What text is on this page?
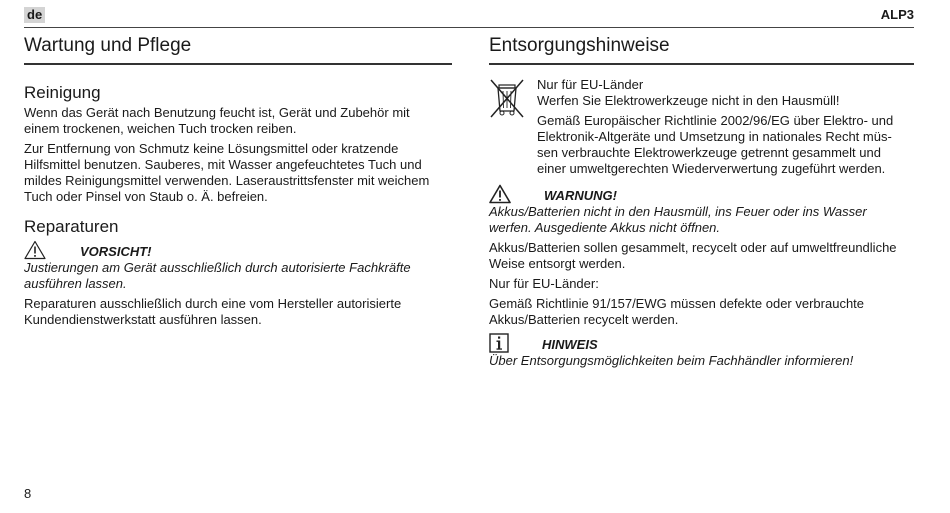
de	ALP3
Wartung und Pflege
Reinigung

Wenn das Gerät nach Benutzung feucht ist, Gerät und Zubehör mit
einem trockenen, weichen Tuch trocken reiben.

Zur Entfernung von Schmutz keine Lösungsmittel oder kratzende
Hilfsmittel benutzen. Sauberes, mit Wasser angefeuchtetes Tuch und
mildes Reinigungsmittel verwenden. Laseraustrittsfenster mit weichem
Tuch oder Pinsel von Staub o. Ä. befreien.

Reparaturen
VORSICHT!

Justierungen am Gerät ausschließlich durch autorisierte Fachkräfte
ausführen lassen.

Reparaturen ausschließlich durch eine vom Hersteller autorisierte
Kundendienstwerkstatt ausführen lassen.

Entsorgungshinweise

Nur für EU-Länder
Werfen Sie Elektrowerkzeuge nicht in den Hausmüll!

Gemäß Europäischer Richtlinie 2002/96/EG über Elektro- und
Elektronik-Altgeräte und Umsetzung in nationales Recht müs-
sen verbrauchte Elektrowerkzeuge getrennt gesammelt und
einer umweltgerechten Wiederverwertung zugeführt werden.

WARNUNG!

Akkus/Batterien nicht in den Hausmüll, ins Feuer oder ins Wasser
werfen. Ausgediente Akkus nicht öffnen.

Akkus/Batterien sollen gesammelt, recycelt oder auf umweltfreundliche
Weise entsorgt werden.

Nur für EU-Länder:

Gemäß Richtlinie 91/157/EWG müssen defekte oder verbrauchte
Akkus/Batterien recycelt werden.

HINWEIS

Über Entsorgungsmöglichkeiten beim Fachhändler informieren!

8
